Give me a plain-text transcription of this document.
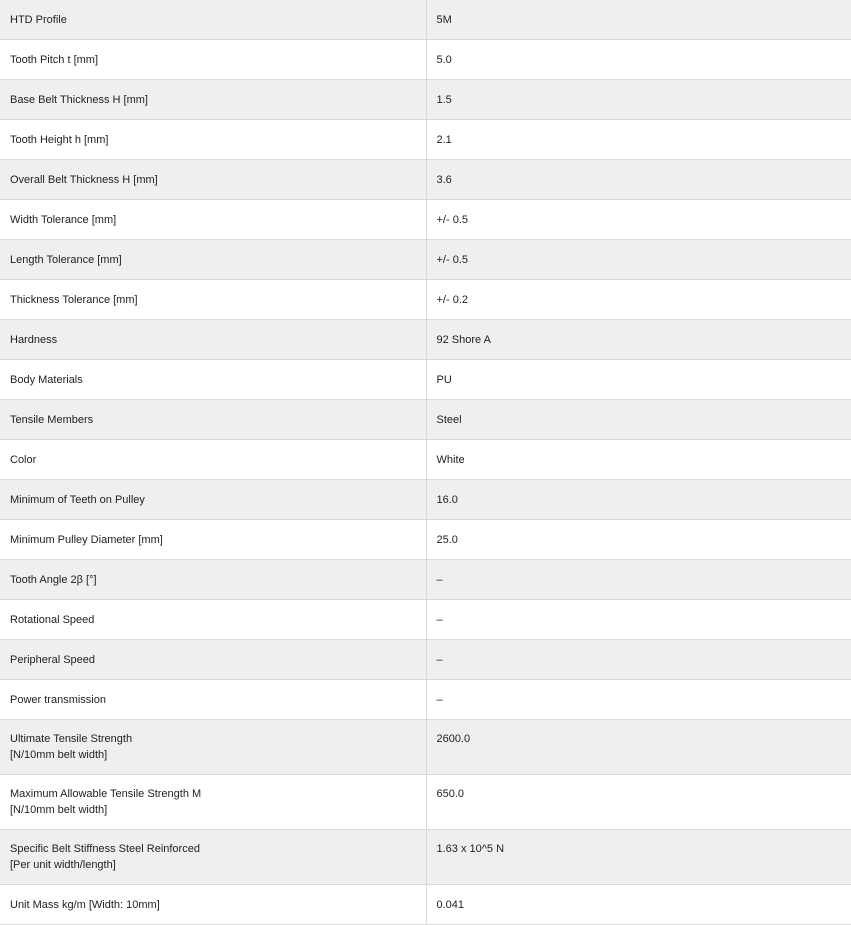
HTD Profile	5M
Tooth Pitch t [mm]	5.0
Base Belt Thickness H [mm]	1.5
Tooth Height h [mm]	2.1
Overall Belt Thickness H [mm]	3.6
Width Tolerance [mm]	+/- 0.5
Length Tolerance [mm]	+/- 0.5
Thickness Tolerance [mm]	+/- 0.2
Hardness	92 Shore A
Body Materials	PU
Tensile Members	Steel
Color	White
Minimum of Teeth on Pulley	16.0
Minimum Pulley Diameter [mm]	25.0
Tooth Angle 2β [°]	–
Rotational Speed	–
Peripheral Speed	–
Power transmission	–
Ultimate Tensile Strength
[N/10mm belt width]	2600.0
Maximum Allowable Tensile Strength M
[N/10mm belt width]	650.0
Specific Belt Stiffness Steel Reinforced
[Per unit width/length]	1.63 x 10^5 N
Unit Mass kg/m [Width: 10mm]	0.041
